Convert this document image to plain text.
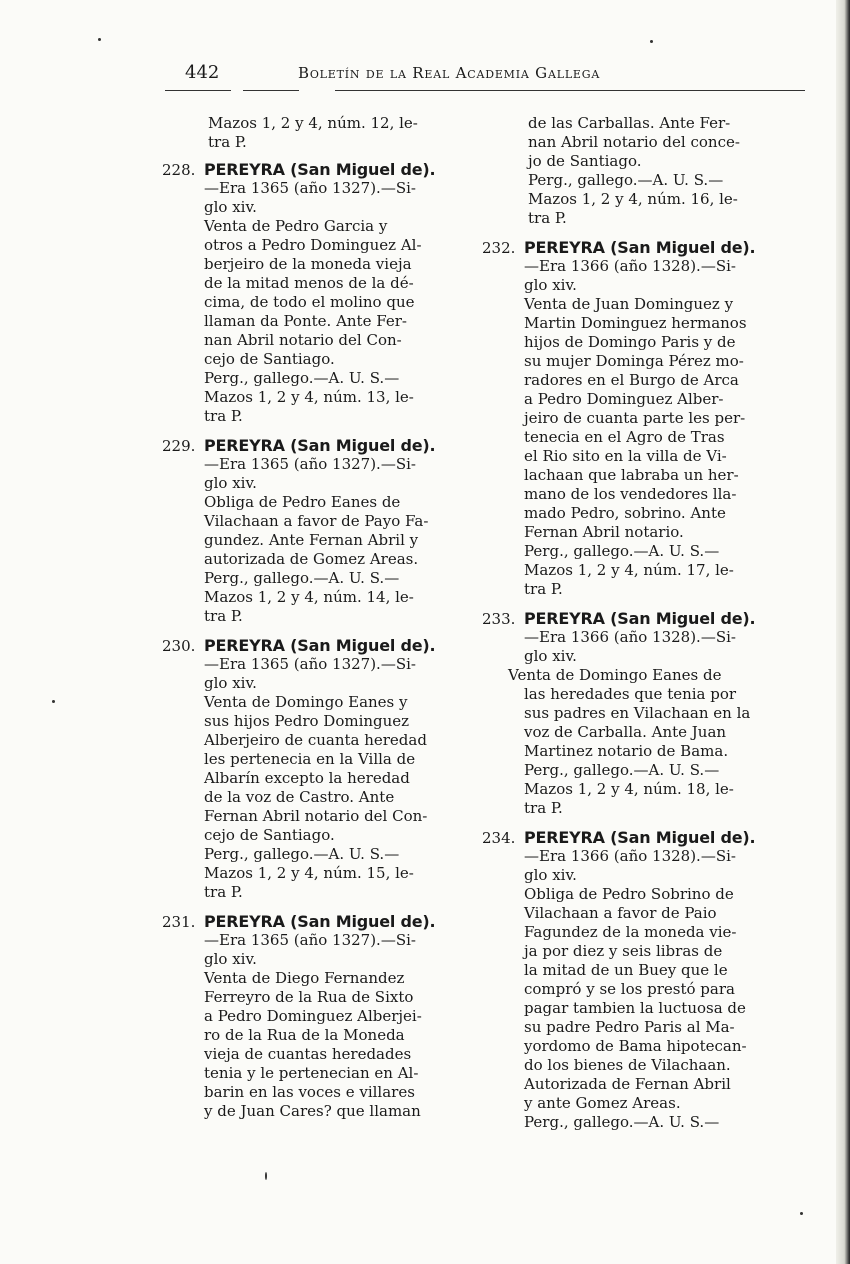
442	Boletín de la Real Academia Gallega
Mazos 1, 2 y 4, núm. 12, le-
tra P.
228. PEREYRA (San Miguel de).
—Era 1365 (año 1327).—Si-
glo xiv.
Venta de Pedro Garcia y
otros a Pedro Dominguez Al-
berjeiro de la moneda vieja
de la mitad menos de la dé-
cima, de todo el molino que
llaman da Ponte. Ante Fer-
nan Abril notario del Con-
cejo de Santiago.
Perg., gallego.—A. U. S.—
Mazos 1, 2 y 4, núm. 13, le-
tra P.
229. PEREYRA (San Miguel de).
—Era 1365 (año 1327).—Si-
glo xiv.
Obliga de Pedro Eanes de
Vilachaan a favor de Payo Fa-
gundez. Ante Fernan Abril y
autorizada de Gomez Areas.
Perg., gallego.—A. U. S.—
Mazos 1, 2 y 4, núm. 14, le-
tra P.
230. PEREYRA (San Miguel de).
—Era 1365 (año 1327).—Si-
glo xiv.
Venta de Domingo Eanes y
sus hijos Pedro Dominguez
Alberjeiro de cuanta heredad
les pertenecia en la Villa de
Albarín excepto la heredad
de la voz de Castro. Ante
Fernan Abril notario del Con-
cejo de Santiago.
Perg., gallego.—A. U. S.—
Mazos 1, 2 y 4, núm. 15, le-
tra P.
231. PEREYRA (San Miguel de).
—Era 1365 (año 1327).—Si-
glo xiv.
Venta de Diego Fernandez
Ferreyro de la Rua de Sixto
a Pedro Dominguez Alberjei-
ro de la Rua de la Moneda
vieja de cuantas heredades
tenia y le pertenecian en Al-
barin en las voces e villares
y de Juan Cares? que llaman
de las Carballas. Ante Fer-
nan Abril notario del conce-
jo de Santiago.
Perg., gallego.—A. U. S.—
Mazos 1, 2 y 4, núm. 16, le-
tra P.
232. PEREYRA (San Miguel de).
—Era 1366 (año 1328).—Si-
glo xiv.
Venta de Juan Dominguez y
Martin Dominguez hermanos
hijos de Domingo Paris y de
su mujer Dominga Pérez mo-
radores en el Burgo de Arca
a Pedro Dominguez Alber-
jeiro de cuanta parte les per-
tenecia en el Agro de Tras
el Rio sito en la villa de Vi-
lachaan que labraba un her-
mano de los vendedores lla-
mado Pedro, sobrino. Ante
Fernan Abril notario.
Perg., gallego.—A. U. S.—
Mazos 1, 2 y 4, núm. 17, le-
tra P.
233. PEREYRA (San Miguel de).
—Era 1366 (año 1328).—Si-
glo xiv.
Venta de Domingo Eanes de
las heredades que tenia por
sus padres en Vilachaan en la
voz de Carballa. Ante Juan
Martinez notario de Bama.
Perg., gallego.—A. U. S.—
Mazos 1, 2 y 4, núm. 18, le-
tra P.
234. PEREYRA (San Miguel de).
—Era 1366 (año 1328).—Si-
glo xiv.
Obliga de Pedro Sobrino de
Vilachaan a favor de Paio
Fagundez de la moneda vie-
ja por diez y seis libras de
la mitad de un Buey que le
compró y se los prestó para
pagar tambien la luctuosa de
su padre Pedro Paris al Ma-
yordomo de Bama hipotecan-
do los bienes de Vilachaan.
Autorizada de Fernan Abril
y ante Gomez Areas.
Perg., gallego.—A. U. S.—
